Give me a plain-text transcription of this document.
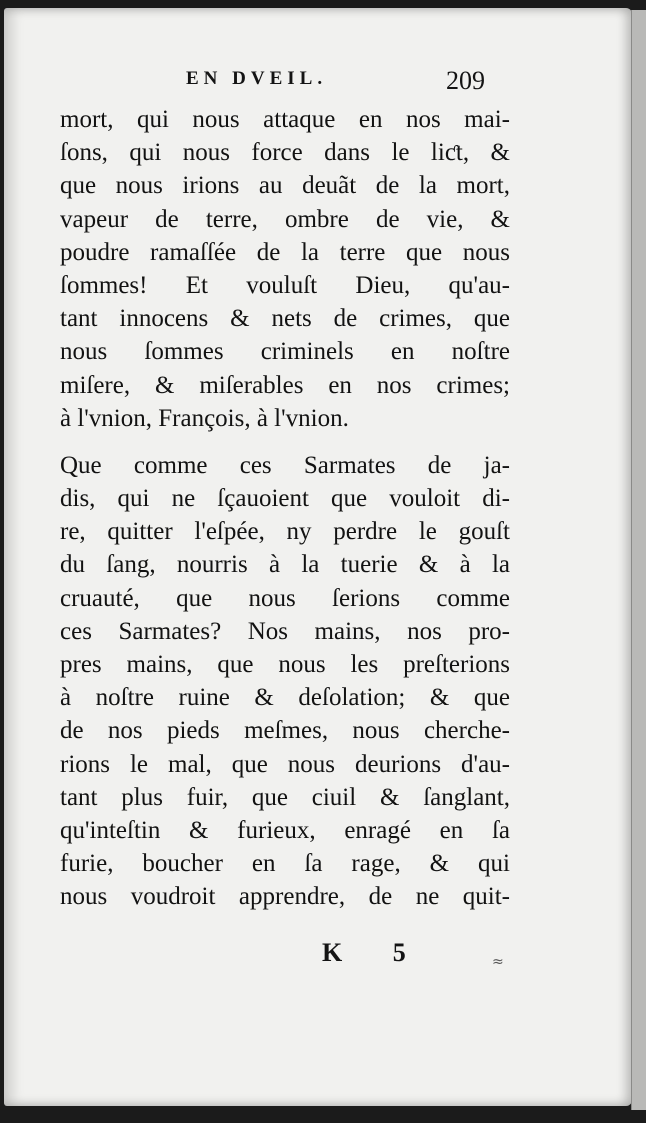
EN DVEIL.	209
mort, qui nous attaque en nos mai-
ſons, qui nous force dans le liƈt, &
que nous irions au deuãt de la mort,
vapeur de terre, ombre de vie, &
poudre ramaſſée de la terre que nous
ſommes! Et vouluſt Dieu, qu'au-
tant innocens & nets de crimes, que
nous ſommes criminels en noſtre
miſere, & miſerables en nos crimes;
à l'vnion, François, à l'vnion.
Que comme ces Sarmates de ja-
dis, qui ne ſçauoient que vouloit di-
re, quitter l'eſpée, ny perdre le gouſt
du ſang, nourris à la tuerie & à la
cruauté, que nous ſerions comme
ces Sarmates? Nos mains, nos pro-
pres mains, que nous les preſterions
à noſtre ruine & deſolation; & que
de nos pieds meſmes, nous cherche-
rions le mal, que nous deurions d'au-
tant plus fuir, que ciuil & ſanglant,
qu'inteſtin & furieux, enragé en ſa
furie, boucher en ſa rage, & qui
nous voudroit apprendre, de ne quit-
K 5	≈
